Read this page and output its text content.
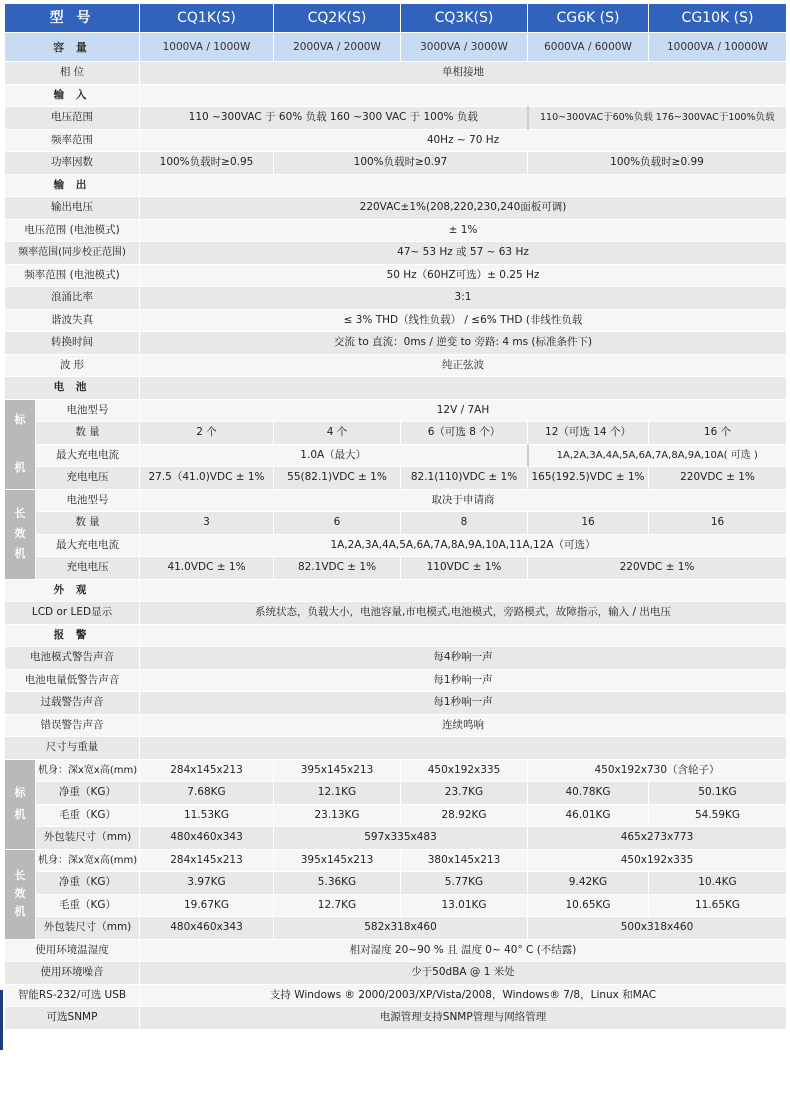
型 号		CQ1K(S)	CQ2K(S)	CQ3K(S)	CG6K (S)	CG10K (S)
容 量		1000VA / 1000W	2000VA / 2000W	3000VA / 3000W	6000VA / 6000W	10000VA / 10000W
相 位		单相接地				
输 入						
电压范围		110 ~300VAC 于 60% 负载 160 ~300 VAC 于 100% 负载			110~300VAC于60%负载 176~300VAC于100%负载	
频率范围		40Hz ~ 70 Hz				
功率因数		100%负载时≥0.95	100%负载时≥0.97		100%负载时≥0.99	
输 出						
输出电压		220VAC±1%(208,220,230,240面板可调)				
电压范围 (电池模式)		± 1%				
频率范围(同步校正范围)		47~ 53 Hz 或 57 ~ 63 Hz				
频率范围 (电池模式)		50 Hz（60HZ可选）± 0.25 Hz				
浪涌比率		3:1				
谐波失真		≤ 3% THD（线性负载） / ≤6% THD (非线性负载				
转换时间		交流 to 直流：0ms / 逆变 to 旁路: 4 ms (标准条件下)				
波 形		纯正弦波				
电 池						

标

机	电池型号	12V / 7AH				
	数 量	2 个	4 个	6（可选 8 个）	12（可选 14 个）	16 个
	最大充电电流	1.0A（最大）			1A,2A,3A,4A,5A,6A,7A,8A,9A,10A( 可选 )	
	充电电压	27.5（41.0)VDC ± 1%	55(82.1)VDC ± 1%	82.1(110)VDC ± 1%	165(192.5)VDC ± 1%	220VDC ± 1%

长
效
机	电池型号	取决于申请商				
	数 量	3	6	8	16	16
	最大充电电流	1A,2A,3A,4A,5A,6A,7A,8A,9A,10A,11A,12A（可选）				
	充电电压	41.0VDC ± 1%	82.1VDC ± 1%	110VDC ± 1%	220VDC ± 1%	
外 观						
LCD or LED显示		系统状态，负载大小，电池容量,市电模式,电池模式，旁路模式，故障指示，输入 / 出电压				
报 警						
电池模式警告声音		每4秒响一声				
电池电量低警告声音		每1秒响一声				
过载警告声音		每1秒响一声				
错误警告声音		连续鸣响				
尺寸与重量						

标
机	机身：深x宽x高(mm)	284x145x213	395x145x213	450x192x335	450x192x730（含轮子）	
	净重（KG）	7.68KG	12.1KG	23.7KG	40.78KG	50.1KG
	毛重（KG）	11.53KG	23.13KG	28.92KG	46.01KG	54.59KG
	外包装尺寸（mm)	480x460x343	597x335x483		465x273x773	

长
效
机	机身：深x宽x高(mm)	284x145x213	395x145x213	380x145x213	450x192x335	
	净重（KG）	3.97KG	5.36KG	5.77KG	9.42KG	10.4KG
	毛重（KG）	19.67KG	12.7KG	13.01KG	10.65KG	11.65KG
	外包装尺寸（mm)	480x460x343	582x318x460		500x318x460	
使用环境温湿度		相对湿度 20~90 % 且 温度 0~ 40° C (不结露)				
使用环境噪音		少于50dBA @ 1 米处				
智能RS-232/可选 USB		支持 Windows ® 2000/2003/XP/Vista/2008，Windows® 7/8，Linux 和MAC				
可选SNMP		电源管理支持SNMP管理与网络管理				
